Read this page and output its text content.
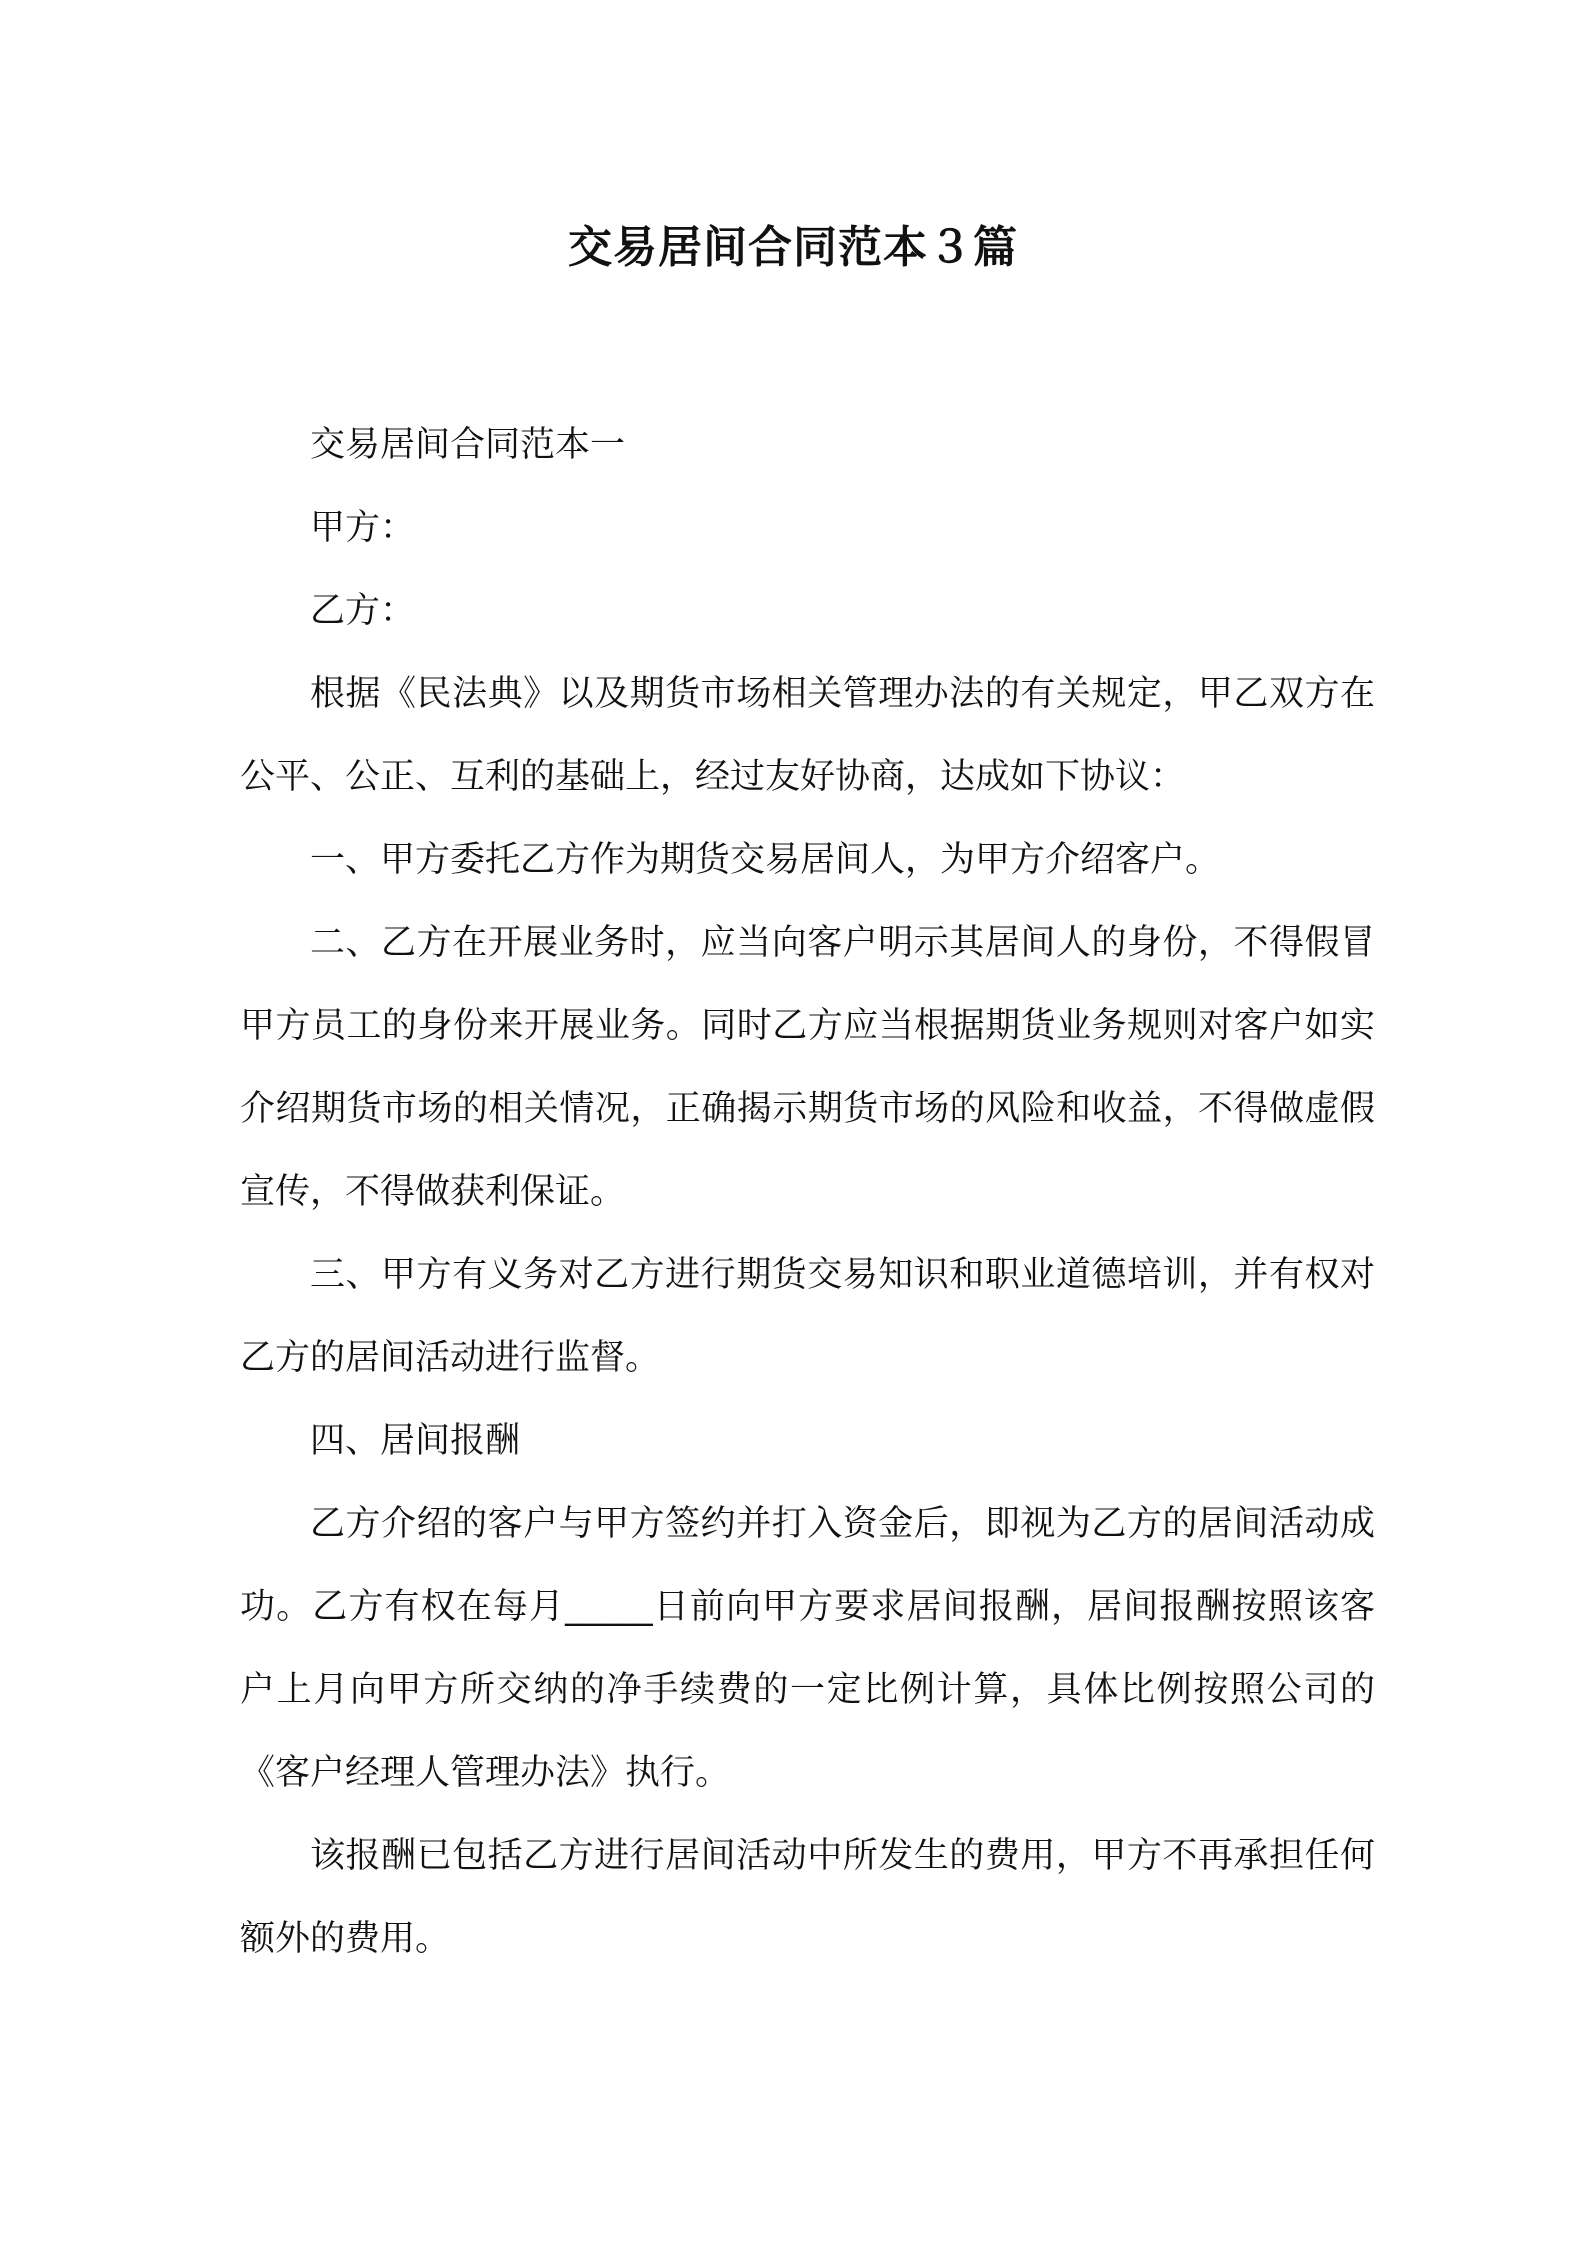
交易居间合同范本３篇

交易居间合同范本一

甲方：

乙方：

根据《民法典》以及期货市场相关管理办法的有关规定，甲乙双方在公平、公正、互利的基础上，经过友好协商，达成如下协议：

一、甲方委托乙方作为期货交易居间人，为甲方介绍客户。

二、乙方在开展业务时，应当向客户明示其居间人的身份，不得假冒甲方员工的身份来开展业务。同时乙方应当根据期货业务规则对客户如实介绍期货市场的相关情况，正确揭示期货市场的风险和收益，不得做虚假宣传，不得做获利保证。

三、甲方有义务对乙方进行期货交易知识和职业道德培训，并有权对乙方的居间活动进行监督。

四、居间报酬

乙方介绍的客户与甲方签约并打入资金后，即视为乙方的居间活动成功。乙方有权在每月_____日前向甲方要求居间报酬，居间报酬按照该客户上月向甲方所交纳的净手续费的一定比例计算，具体比例按照公司的《客户经理人管理办法》执行。

该报酬已包括乙方进行居间活动中所发生的费用，甲方不再承担任何额外的费用。
